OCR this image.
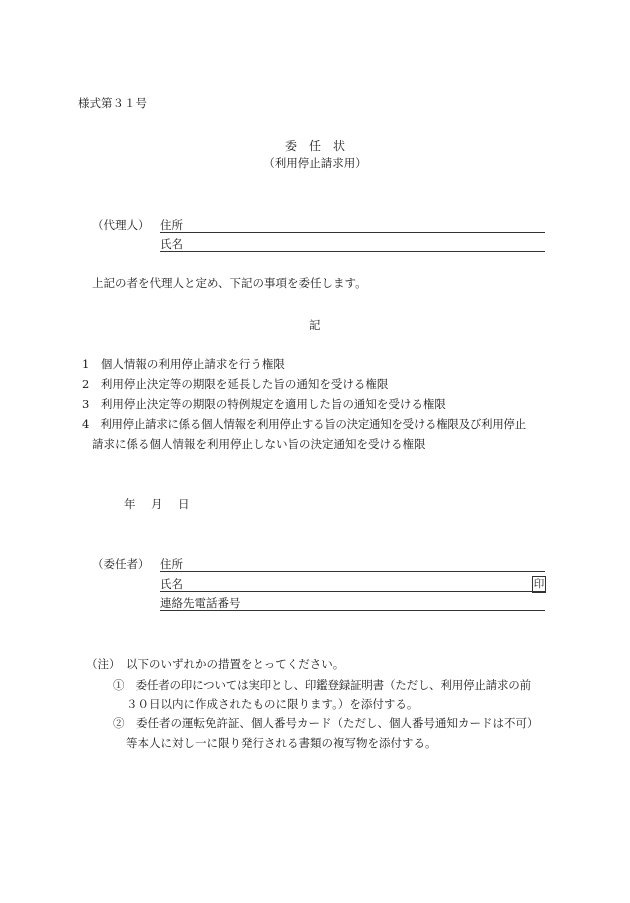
様式第３１号
委　任　状
（利用停止請求用）
（代理人） 住所
氏名
上記の者を代理人と定め、下記の事項を委任します。
記
1　個人情報の利用停止請求を行う権限
2　利用停止決定等の期限を延長した旨の通知を受ける権限
3　利用停止決定等の期限の特例規定を適用した旨の通知を受ける権限
4　利用停止請求に係る個人情報を利用停止する旨の決定通知を受ける権限及び利用停止
請求に係る個人情報を利用停止しない旨の決定通知を受ける権限
年　月　日
（委任者） 住所
氏名	印
連絡先電話番号
（注） 以下のいずれかの措置をとってください。
①　委任者の印については実印とし、印鑑登録証明書（ただし、利用停止請求の前
３０日以内に作成されたものに限ります。）を添付する。
②　委任者の運転免許証、個人番号カード（ただし、個人番号通知カードは不可）
等本人に対し一に限り発行される書類の複写物を添付する。
